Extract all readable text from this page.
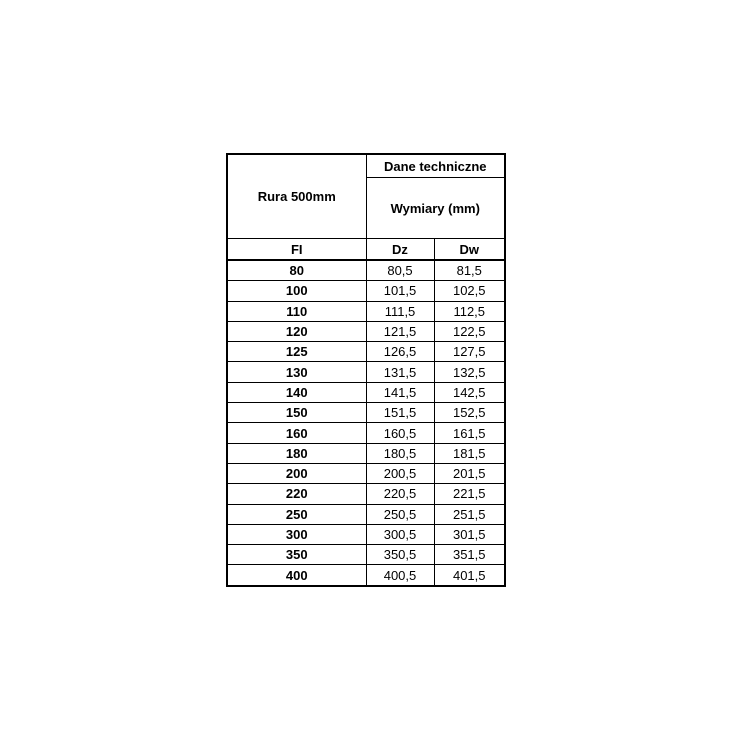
Rura 500mm	Dane techniczne	
	Wymiary (mm)	
FI	Dz	Dw
80	80,5	81,5
100	101,5	102,5
110	111,5	112,5
120	121,5	122,5
125	126,5	127,5
130	131,5	132,5
140	141,5	142,5
150	151,5	152,5
160	160,5	161,5
180	180,5	181,5
200	200,5	201,5
220	220,5	221,5
250	250,5	251,5
300	300,5	301,5
350	350,5	351,5
400	400,5	401,5
